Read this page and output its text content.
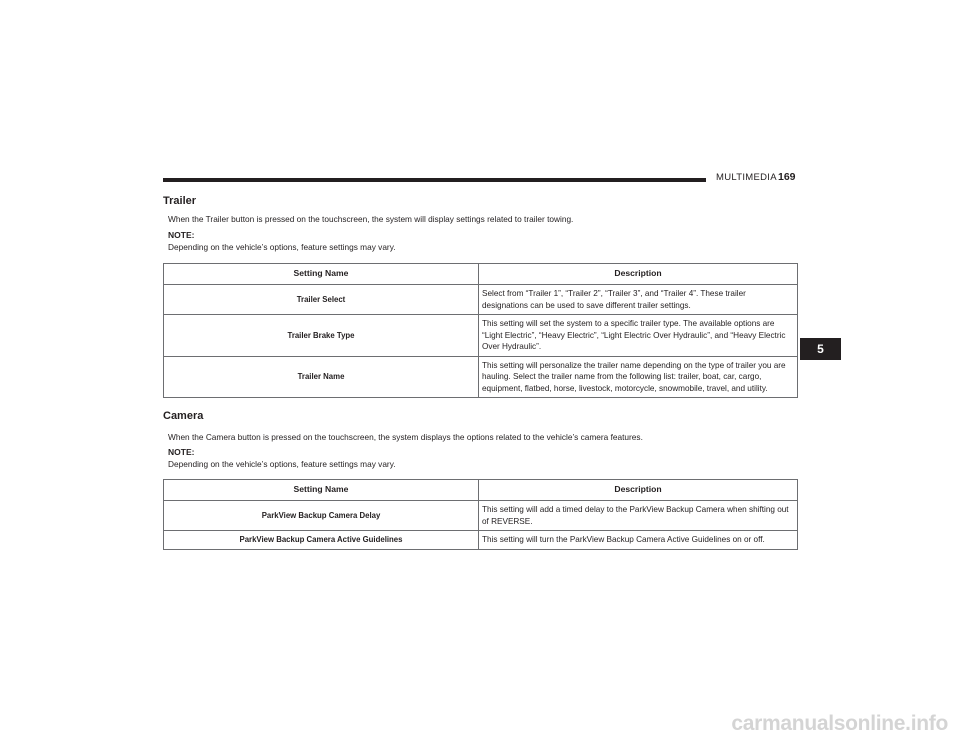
MULTIMEDIA 169
5
Trailer
When the Trailer button is pressed on the touchscreen, the system will display settings related to trailer towing.
NOTE:
Depending on the vehicle’s options, feature settings may vary.
Setting Name	Description
Trailer Select	Select from “Trailer 1”, “Trailer 2”, “Trailer 3”, and “Trailer 4”. These trailer designations can be used to save different trailer settings.
Trailer Brake Type	This setting will set the system to a specific trailer type. The available options are “Light Electric”, “Heavy Electric”, “Light Electric Over Hydraulic”, and “Heavy Electric Over Hydraulic”.
Trailer Name	This setting will personalize the trailer name depending on the type of trailer you are hauling. Select the trailer name from the following list: trailer, boat, car, cargo, equipment, flatbed, horse, livestock, motorcycle, snowmobile, travel, and utility.
Camera
When the Camera button is pressed on the touchscreen, the system displays the options related to the vehicle’s camera features.
NOTE:
Depending on the vehicle’s options, feature settings may vary.
Setting Name	Description
ParkView Backup Camera Delay	This setting will add a timed delay to the ParkView Backup Camera when shifting out of REVERSE.
ParkView Backup Camera Active Guidelines	This setting will turn the ParkView Backup Camera Active Guidelines on or off.
carmanualsonline.info
